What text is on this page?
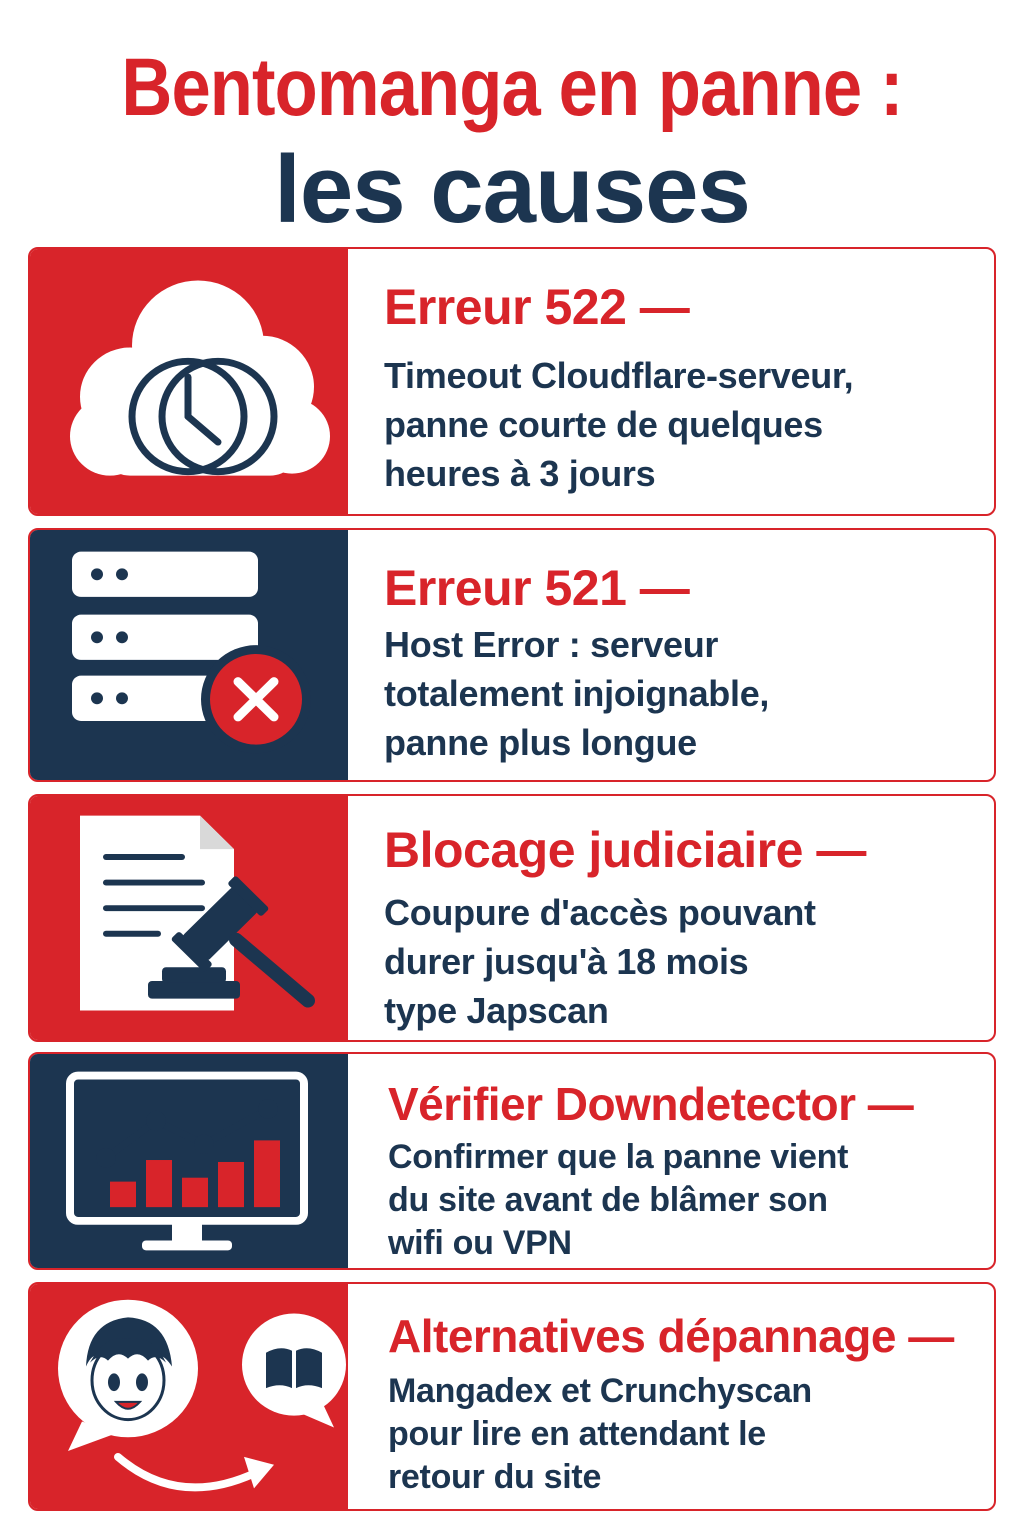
Bentomanga en panne :
les causes

Erreur 522 —

Timeout Cloudflare-serveur,
panne courte de quelques
heures à 3 jours

Erreur 521 —

Host Error : serveur
totalement injoignable,
panne plus longue

Blocage judiciaire —

Coupure d'accès pouvant
durer jusqu'à 18 mois
type Japscan

Vérifier Downdetector —

Confirmer que la panne vient
du site avant de blâmer son
wifi ou VPN

Alternatives dépannage —

Mangadex et Crunchyscan
pour lire en attendant le
retour du site
